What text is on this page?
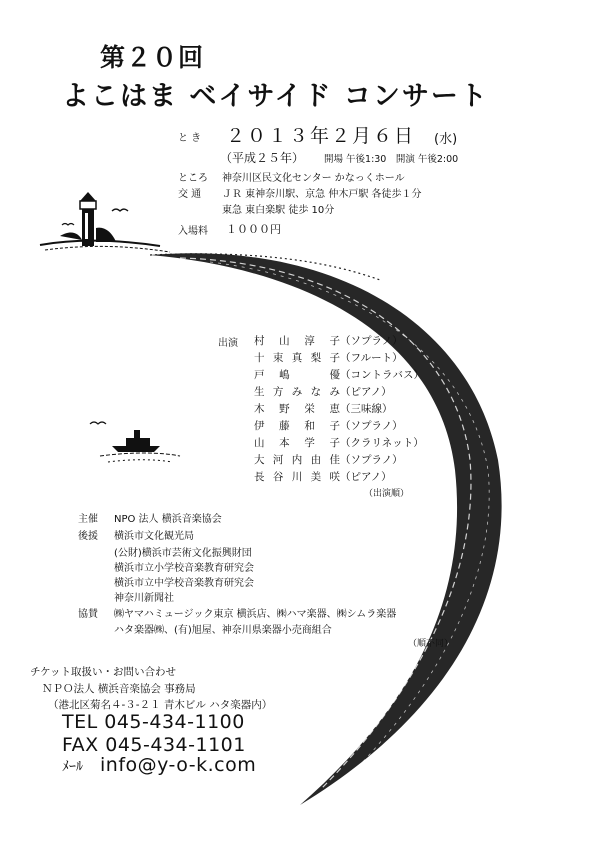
第２０回
よこはま ベイサイド コンサート
と き ２０１３年２月６日 (水)
（平成２５年） 開場 午後1:30　開演 午後2:00
ところ 神奈川区民文化センター かなっくホール
交 通 ＪＲ 東神奈川駅、京急 仲木戸駅 各徒歩１分
東急 東白楽駅 徒歩 10分
入場料 １０００円
出演 村山淳子（ソプラノ）
十束真梨子（フルート）
戸嶋　優（コントラバス）
生方みなみ（ピアノ）
木野栄恵（三味線）
伊藤和子（ソプラノ）
山本学子（クラリネット）
大河内由佳（ソプラノ）
長谷川美咲（ピアノ）
（出演順）
主催 NPO 法人 横浜音楽協会
後援 横浜市文化観光局
(公財)横浜市芸術文化振興財団
横浜市立小学校音楽教育研究会
横浜市立中学校音楽教育研究会
神奈川新聞社
協賛 ㈱ヤマハミュージック東京 横浜店、㈱ハマ楽器、㈱シムラ楽器
ハタ楽器㈱、(有)旭屋、神奈川県楽器小売商組合
（順不同）
チケット取扱い・お問い合わせ
ＮＰＯ法人 横浜音楽協会 事務局
（港北区菊名４-３-２１ 青木ビル ハタ楽器内）
TEL 045-434-1100
FAX 045-434-1101
ﾒｰﾙ info@y-o-k.com
